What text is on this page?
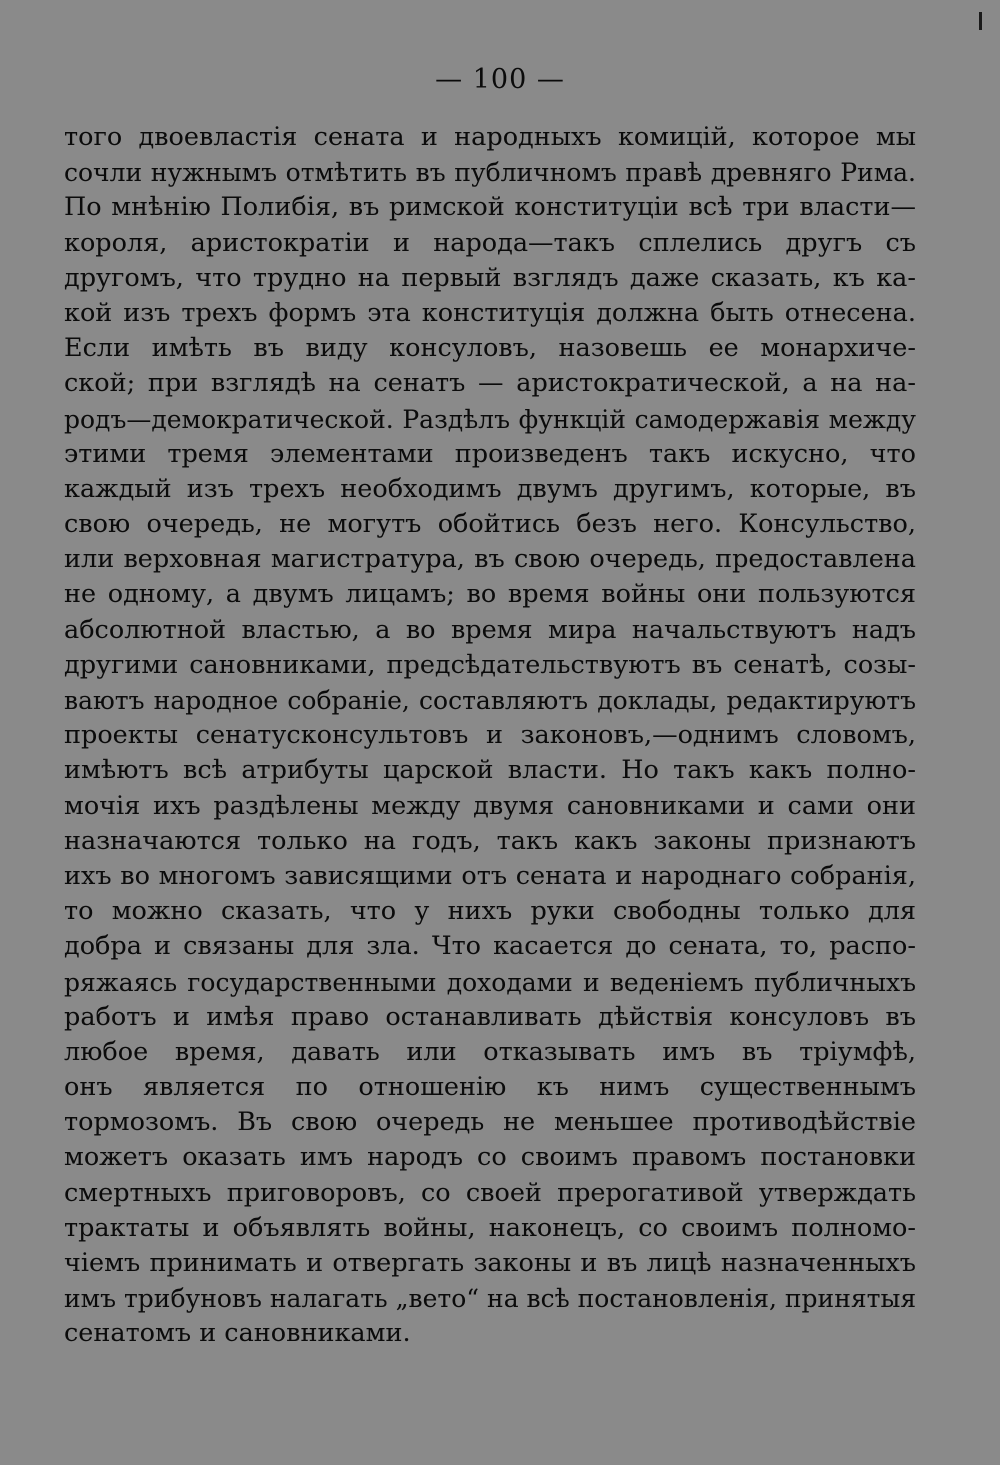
— 100 —
того двоевластія сената и народныхъ комицій, которое мы
сочли нужнымъ отмѣтить въ публичномъ правѣ древняго Рима.
По мнѣнію Полибія, въ римской конституціи всѣ три власти—
короля, аристократіи и народа—такъ сплелись другъ съ
другомъ, что трудно на первый взглядъ даже сказать, къ ка-
кой изъ трехъ формъ эта конституція должна быть отнесена.
Если имѣть въ виду консуловъ, назовешь ее монархиче-
ской; при взглядѣ на сенатъ — аристократической, а на на-
родъ—демократической. Раздѣлъ функцій самодержавія между
этими тремя элементами произведенъ такъ искусно, что
каждый изъ трехъ необходимъ двумъ другимъ, которые, въ
свою очередь, не могутъ обойтись безъ него. Консульство,
или верховная магистратура, въ свою очередь, предоставлена
не одному, а двумъ лицамъ; во время войны они пользуются
абсолютной властью, а во время мира начальствуютъ надъ
другими сановниками, предсѣдательствуютъ въ сенатѣ, созы-
ваютъ народное собраніе, составляютъ доклады, редактируютъ
проекты сенатусконсультовъ и законовъ,—однимъ словомъ,
имѣютъ всѣ атрибуты царской власти. Но такъ какъ полно-
мочія ихъ раздѣлены между двумя сановниками и сами они
назначаются только на годъ, такъ какъ законы признаютъ
ихъ во многомъ зависящими отъ сената и народнаго собранія,
то можно сказать, что у нихъ руки свободны только для
добра и связаны для зла. Что касается до сената, то, распо-
ряжаясь государственными доходами и веденіемъ публичныхъ
работъ и имѣя право останавливать дѣйствія консуловъ въ
любое время, давать или отказывать имъ въ тріумфѣ,
онъ является по отношенію къ нимъ существеннымъ
тормозомъ. Въ свою очередь не меньшее противодѣйствіе
можетъ оказать имъ народъ со своимъ правомъ постановки
смертныхъ приговоровъ, со своей прерогативой утверждать
трактаты и объявлять войны, наконецъ, со своимъ полномо-
чіемъ принимать и отвергать законы и въ лицѣ назначенныхъ
имъ трибуновъ налагать „вето“ на всѣ постановленія, принятыя
сенатомъ и сановниками.
